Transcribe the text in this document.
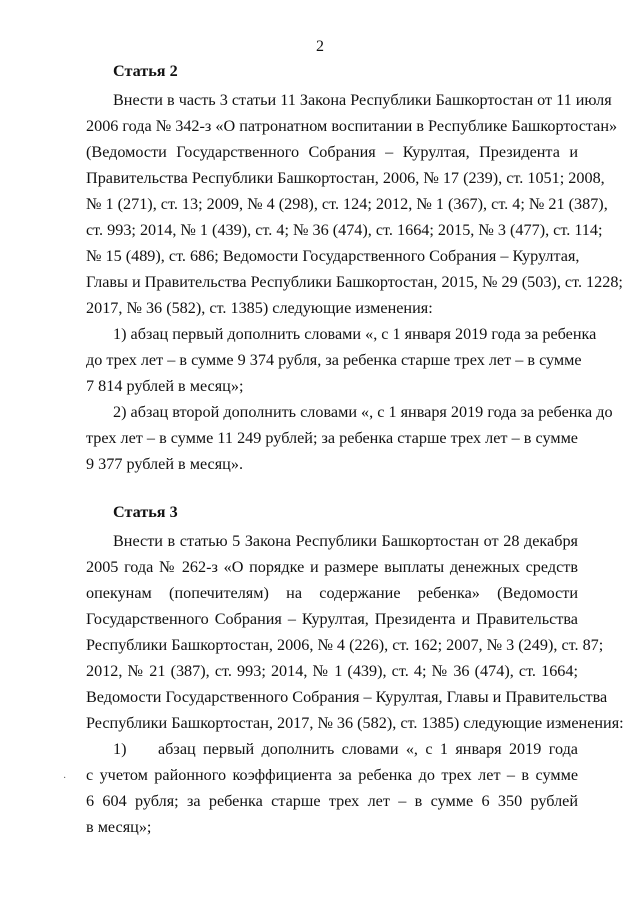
2
Статья 2
Внести в часть 3 статьи 11 Закона Республики Башкортостан от 11 июля
2006 года № 342-з «О патронатном воспитании в Республике Башкортостан»
(Ведомости Государственного Собрания – Курултая, Президента и
Правительства Республики Башкортостан, 2006, № 17 (239), ст. 1051; 2008,
№ 1 (271), ст. 13; 2009, № 4 (298), ст. 124; 2012, № 1 (367), ст. 4; № 21 (387),
ст. 993; 2014, № 1 (439), ст. 4; № 36 (474), ст. 1664; 2015, № 3 (477), ст. 114;
№ 15 (489), ст. 686; Ведомости Государственного Собрания – Курултая,
Главы и Правительства Республики Башкортостан, 2015, № 29 (503), ст. 1228;
2017, № 36 (582), ст. 1385) следующие изменения:
1) абзац первый дополнить словами «, с 1 января 2019 года за ребенка
до трех лет – в сумме 9 374 рубля, за ребенка старше трех лет – в сумме
7 814 рублей в месяц»;
2) абзац второй дополнить словами «, с 1 января 2019 года за ребенка до
трех лет – в сумме 11 249 рублей; за ребенка старше трех лет – в сумме
9 377 рублей в месяц».
Статья 3
Внести в статью 5 Закона Республики Башкортостан от 28 декабря
2005 года № 262-з «О порядке и размере выплаты денежных средств
опекунам (попечителям) на содержание ребенка» (Ведомости
Государственного Собрания – Курултая, Президента и Правительства
Республики Башкортостан, 2006, № 4 (226), ст. 162; 2007, № 3 (249), ст. 87;
2012, № 21 (387), ст. 993; 2014, № 1 (439), ст. 4; № 36 (474), ст. 1664;
Ведомости Государственного Собрания – Курултая, Главы и Правительства
Республики Башкортостан, 2017, № 36 (582), ст. 1385) следующие изменения:
1) абзац первый дополнить словами «, с 1 января 2019 года
с учетом районного коэффициента за ребенка до трех лет – в сумме
6 604 рубля; за ребенка старше трех лет – в сумме 6 350 рублей
в месяц»;
·
